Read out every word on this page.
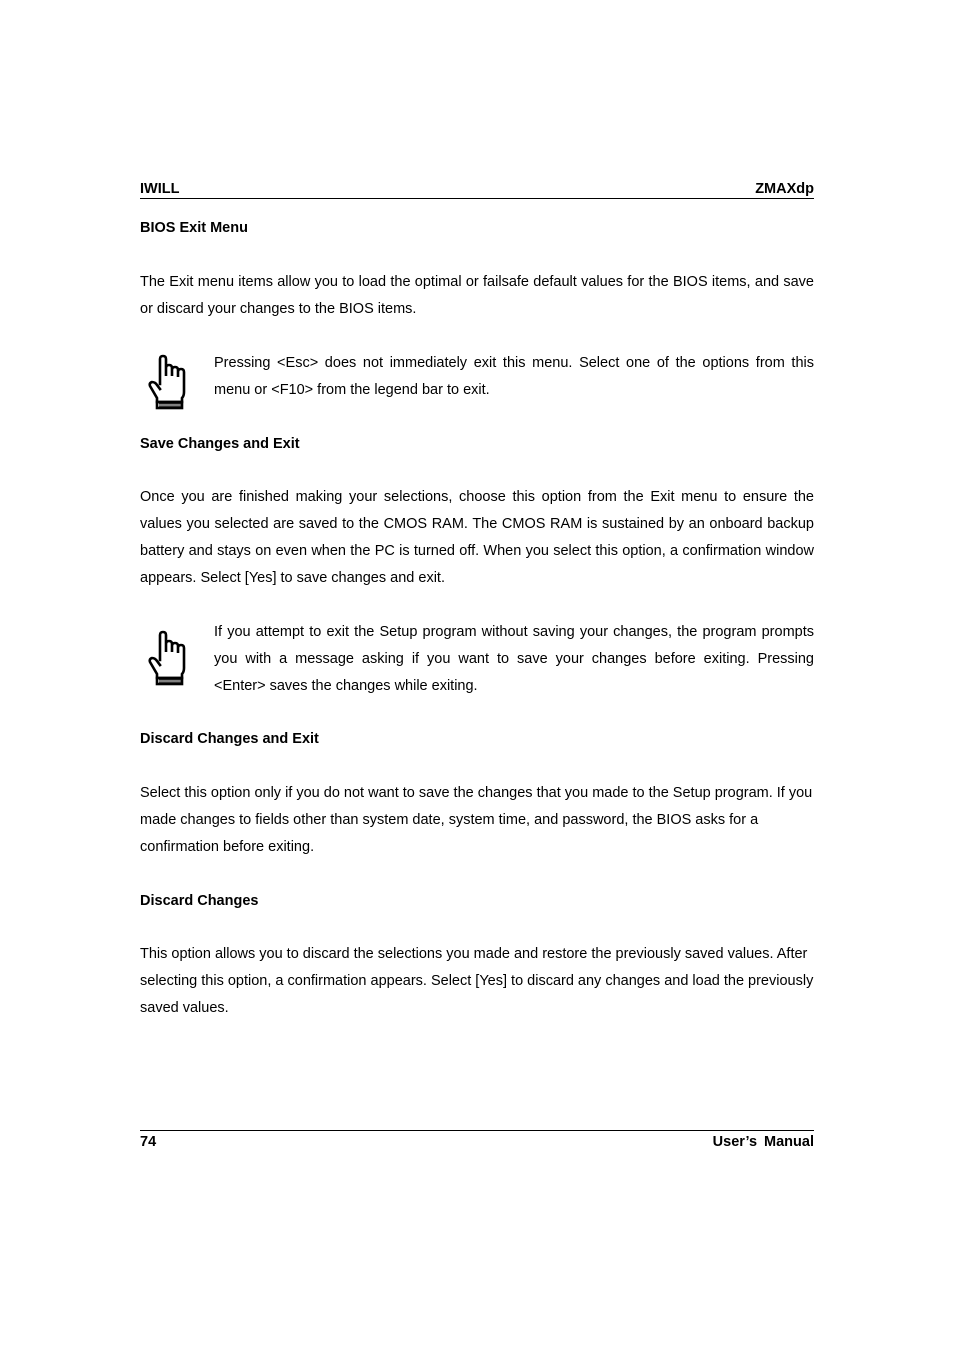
IWILL	ZMAXdp
BIOS Exit Menu
The Exit menu items allow you to load the optimal or failsafe default values for the BIOS items, and save or discard your changes to the BIOS items.
Pressing <Esc> does not immediately exit this menu. Select one of the options from this menu or <F10> from the legend bar to exit.
Save Changes and Exit
Once you are finished making your selections, choose this option from the Exit menu to ensure the values you selected are saved to the CMOS RAM. The CMOS RAM is sustained by an onboard backup battery and stays on even when the PC is turned off. When you select this option, a confirmation window appears. Select [Yes] to save changes and exit.
If you attempt to exit the Setup program without saving your changes, the program prompts you with a message asking if you want to save your changes before exiting. Pressing <Enter> saves the changes while exiting.
Discard Changes and Exit
Select this option only if you do not want to save the changes that you made to the Setup program. If you made changes to fields other than system date, system time, and password, the BIOS asks for a confirmation before exiting.
Discard Changes
This option allows you to discard the selections you made and restore the previously saved values. After selecting this option, a confirmation appears. Select [Yes] to discard any changes and load the previously saved values.
74	User’s Manual
